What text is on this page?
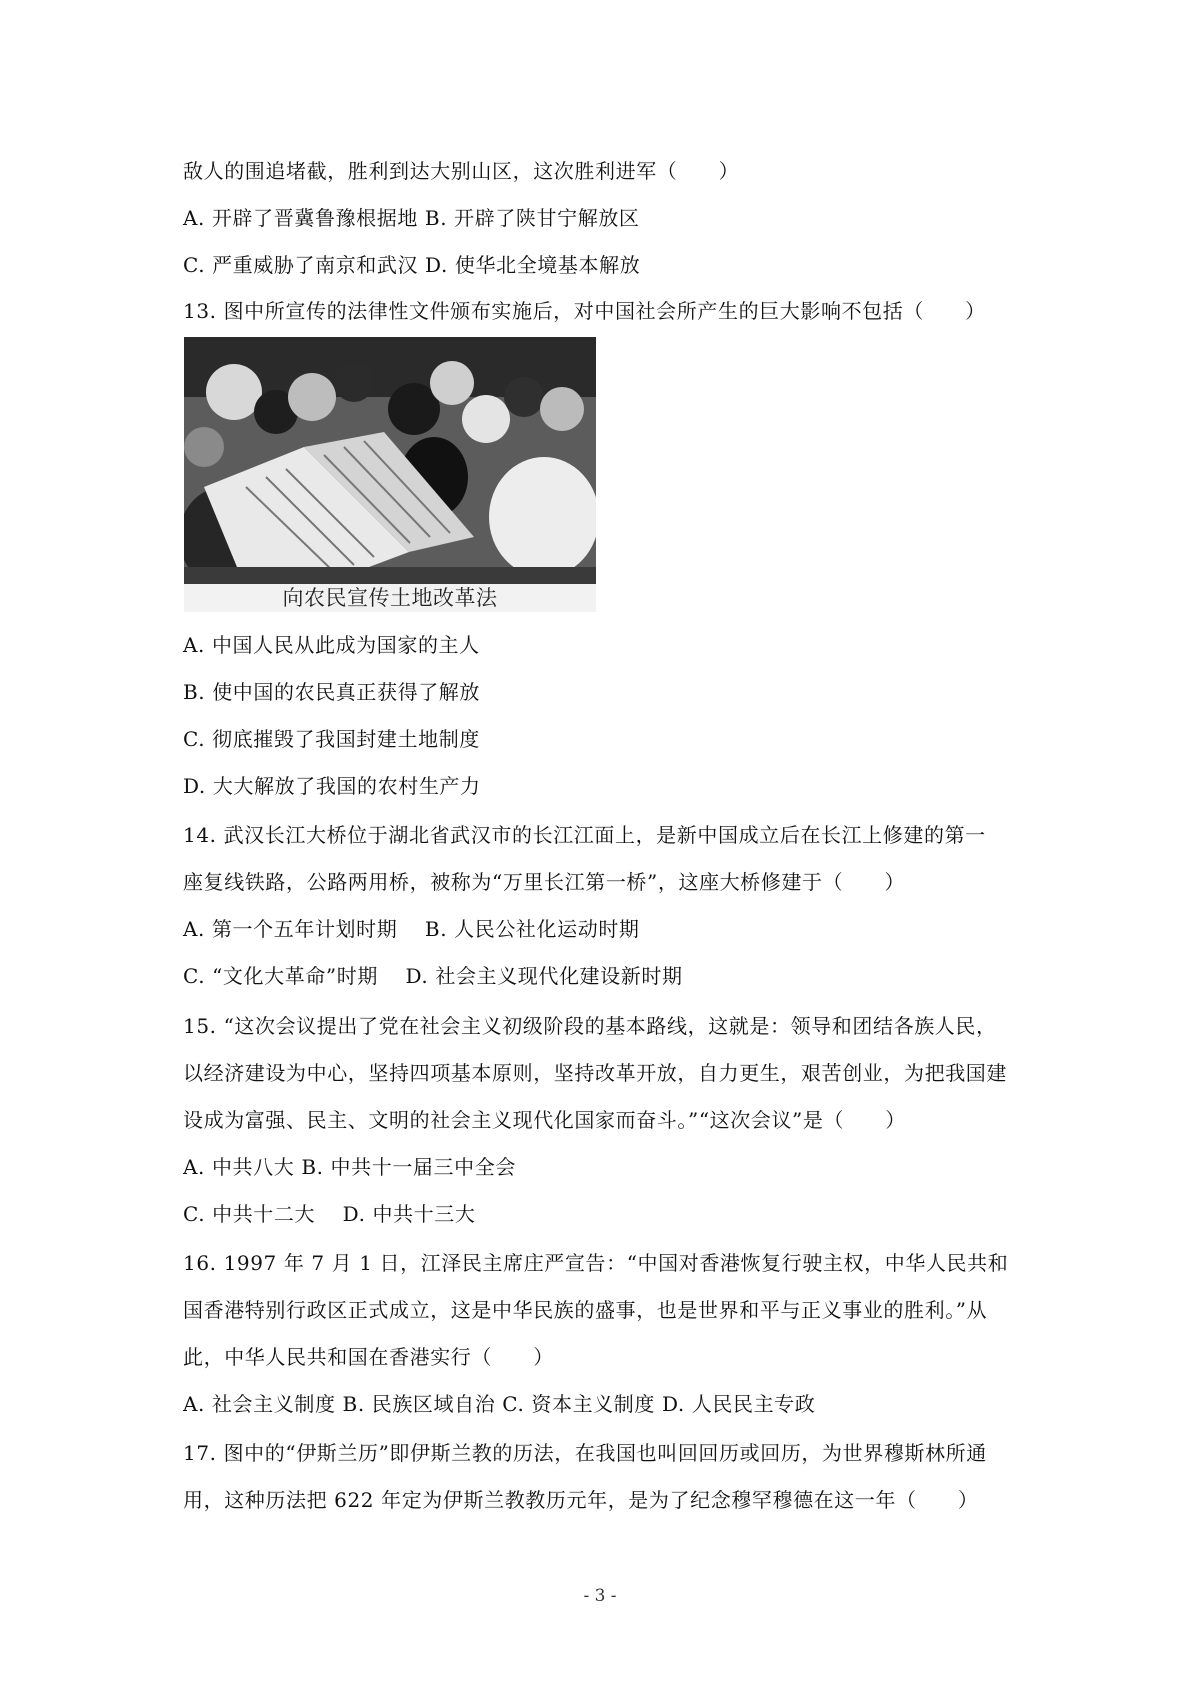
敌人的围追堵截，胜利到达大别山区，这次胜利进军（　　）
A. 开辟了晋冀鲁豫根据地 B. 开辟了陕甘宁解放区
C. 严重威胁了南京和武汉 D. 使华北全境基本解放
13. 图中所宣传的法律性文件颁布实施后，对中国社会所产生的巨大影响不包括（　　）
向农民宣传土地改革法
A. 中国人民从此成为国家的主人
B. 使中国的农民真正获得了解放
C. 彻底摧毁了我国封建土地制度
D. 大大解放了我国的农村生产力
14. 武汉长江大桥位于湖北省武汉市的长江江面上，是新中国成立后在长江上修建的第一
座复线铁路，公路两用桥，被称为“万里长江第一桥”，这座大桥修建于（　　）
A. 第一个五年计划时期　 B. 人民公社化运动时期
C. “文化大革命”时期　 D. 社会主义现代化建设新时期
15. “这次会议提出了党在社会主义初级阶段的基本路线，这就是：领导和团结各族人民，
以经济建设为中心，坚持四项基本原则，坚持改革开放，自力更生，艰苦创业，为把我国建
设成为富强、民主、文明的社会主义现代化国家而奋斗。”“这次会议”是（　　）
A. 中共八大 B. 中共十一届三中全会
C. 中共十二大　 D. 中共十三大
16. 1997 年 7 月 1 日，江泽民主席庄严宣告：“中国对香港恢复行驶主权，中华人民共和
国香港特别行政区正式成立，这是中华民族的盛事，也是世界和平与正义事业的胜利。”从
此，中华人民共和国在香港实行（　　）
A. 社会主义制度 B. 民族区域自治 C. 资本主义制度 D. 人民民主专政
17. 图中的“伊斯兰历”即伊斯兰教的历法，在我国也叫回回历或回历，为世界穆斯林所通
用，这种历法把 622 年定为伊斯兰教教历元年，是为了纪念穆罕穆德在这一年（　　）
- 3 -
